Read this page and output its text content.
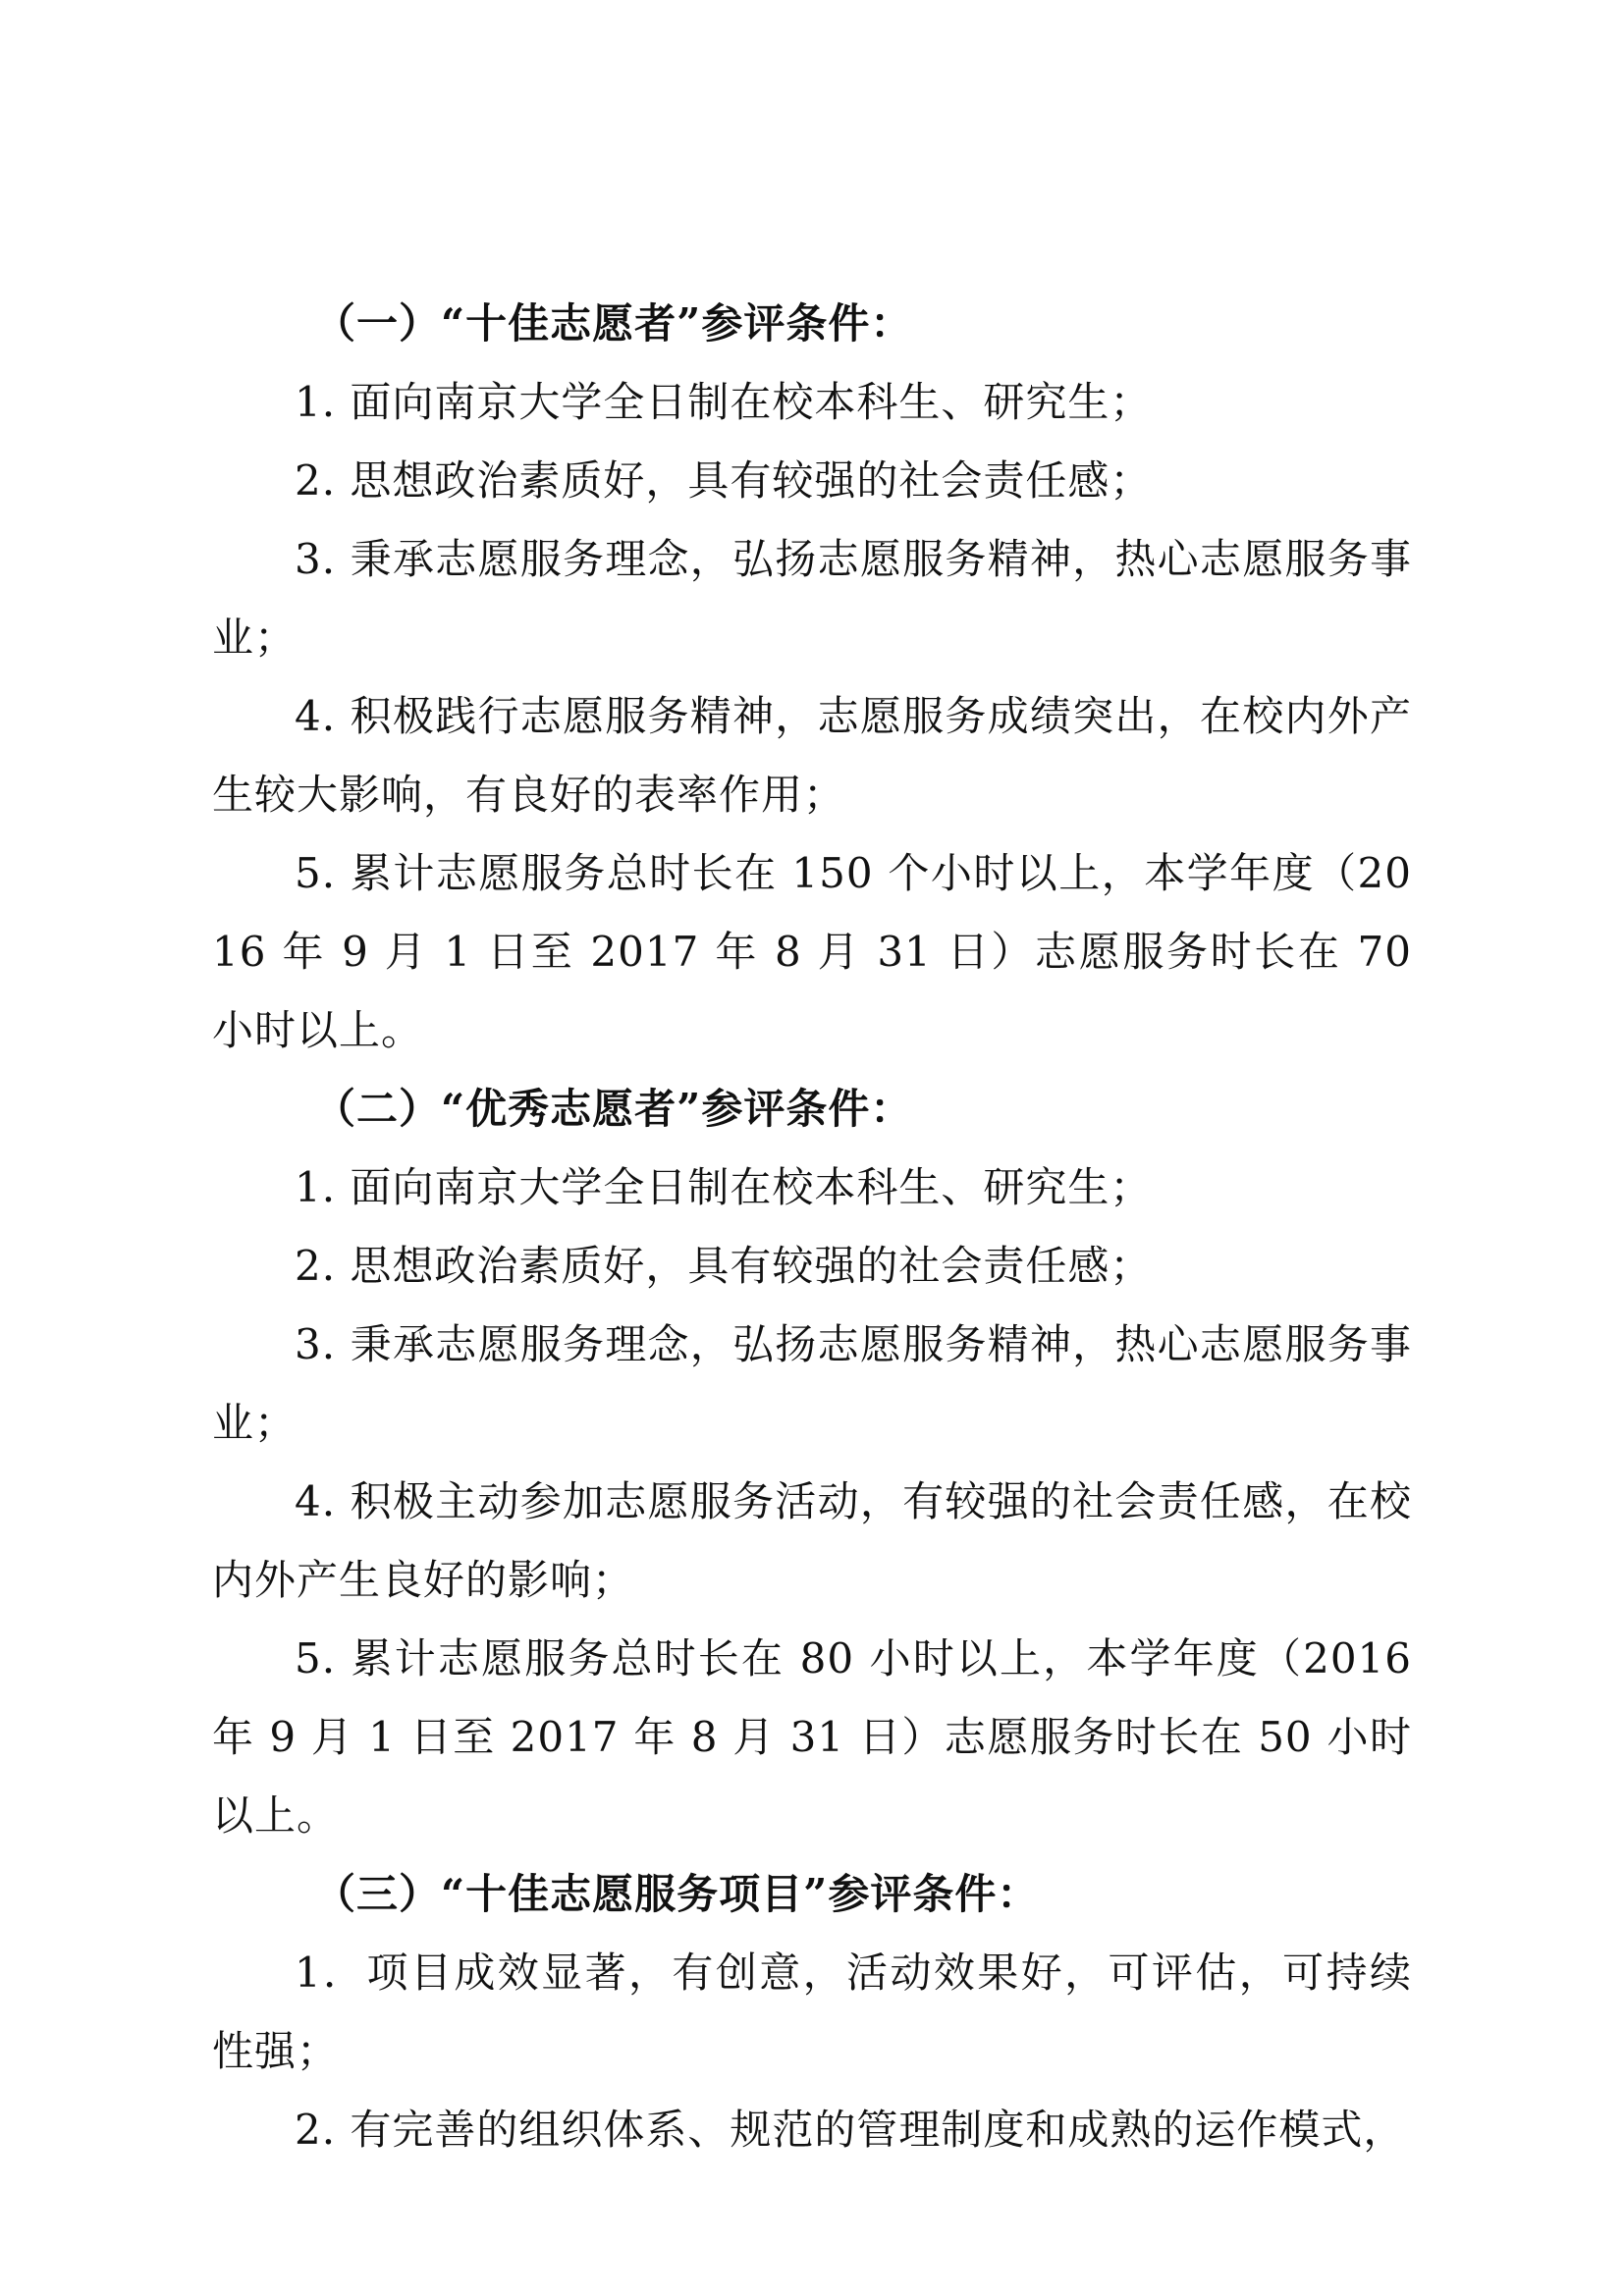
（一）“十佳志愿者”参评条件：

1. 面向南京大学全日制在校本科生、研究生；

2. 思想政治素质好，具有较强的社会责任感；

3. 秉承志愿服务理念，弘扬志愿服务精神，热心志愿服务事业；

4. 积极践行志愿服务精神，志愿服务成绩突出，在校内外产生较大影响，有良好的表率作用；

5. 累计志愿服务总时长在 150 个小时以上，本学年度（2016 年 9 月 1 日至 2017 年 8 月 31 日）志愿服务时长在 70 小时以上。

（二）“优秀志愿者”参评条件：

1. 面向南京大学全日制在校本科生、研究生；

2. 思想政治素质好，具有较强的社会责任感；

3. 秉承志愿服务理念，弘扬志愿服务精神，热心志愿服务事业；

4. 积极主动参加志愿服务活动，有较强的社会责任感，在校内外产生良好的影响；

5. 累计志愿服务总时长在 80 小时以上，本学年度（2016 年 9 月 1 日至 2017 年 8 月 31 日）志愿服务时长在 50 小时以上。

（三）“十佳志愿服务项目”参评条件：

1．项目成效显著，有创意，活动效果好，可评估，可持续性强；

2. 有完善的组织体系、规范的管理制度和成熟的运作模式，
